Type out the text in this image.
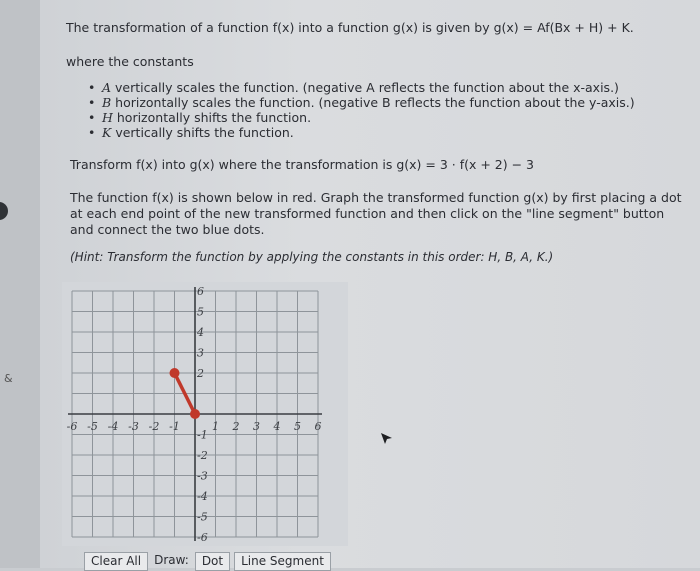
&
The transformation of a function f(x) into a function g(x) is given by g(x) = Af(Bx + H) + K.
where the constants
• A vertically scales the function. (negative A reflects the function about the x-axis.)
• B horizontally scales the function. (negative B reflects the function about the y-axis.)
• H horizontally shifts the function.
• K vertically shifts the function.
Transform f(x) into g(x) where the transformation is g(x) = 3 · f(x + 2) − 3
The function f(x) is shown below in red. Graph the transformed function g(x) by first placing a dot at each end point of the new transformed function and then click on the "line segment" button and connect the two blue dots.
(Hint: Transform the function by applying the constants in this order: H, B, A, K.)
-6 -5 -4 -3 -2 -1	1 2 3 4 5 6
6
5
4
3
2
-1
-2
-3
-4
-5
-6
Clear All	Draw:	Dot	Line Segment
